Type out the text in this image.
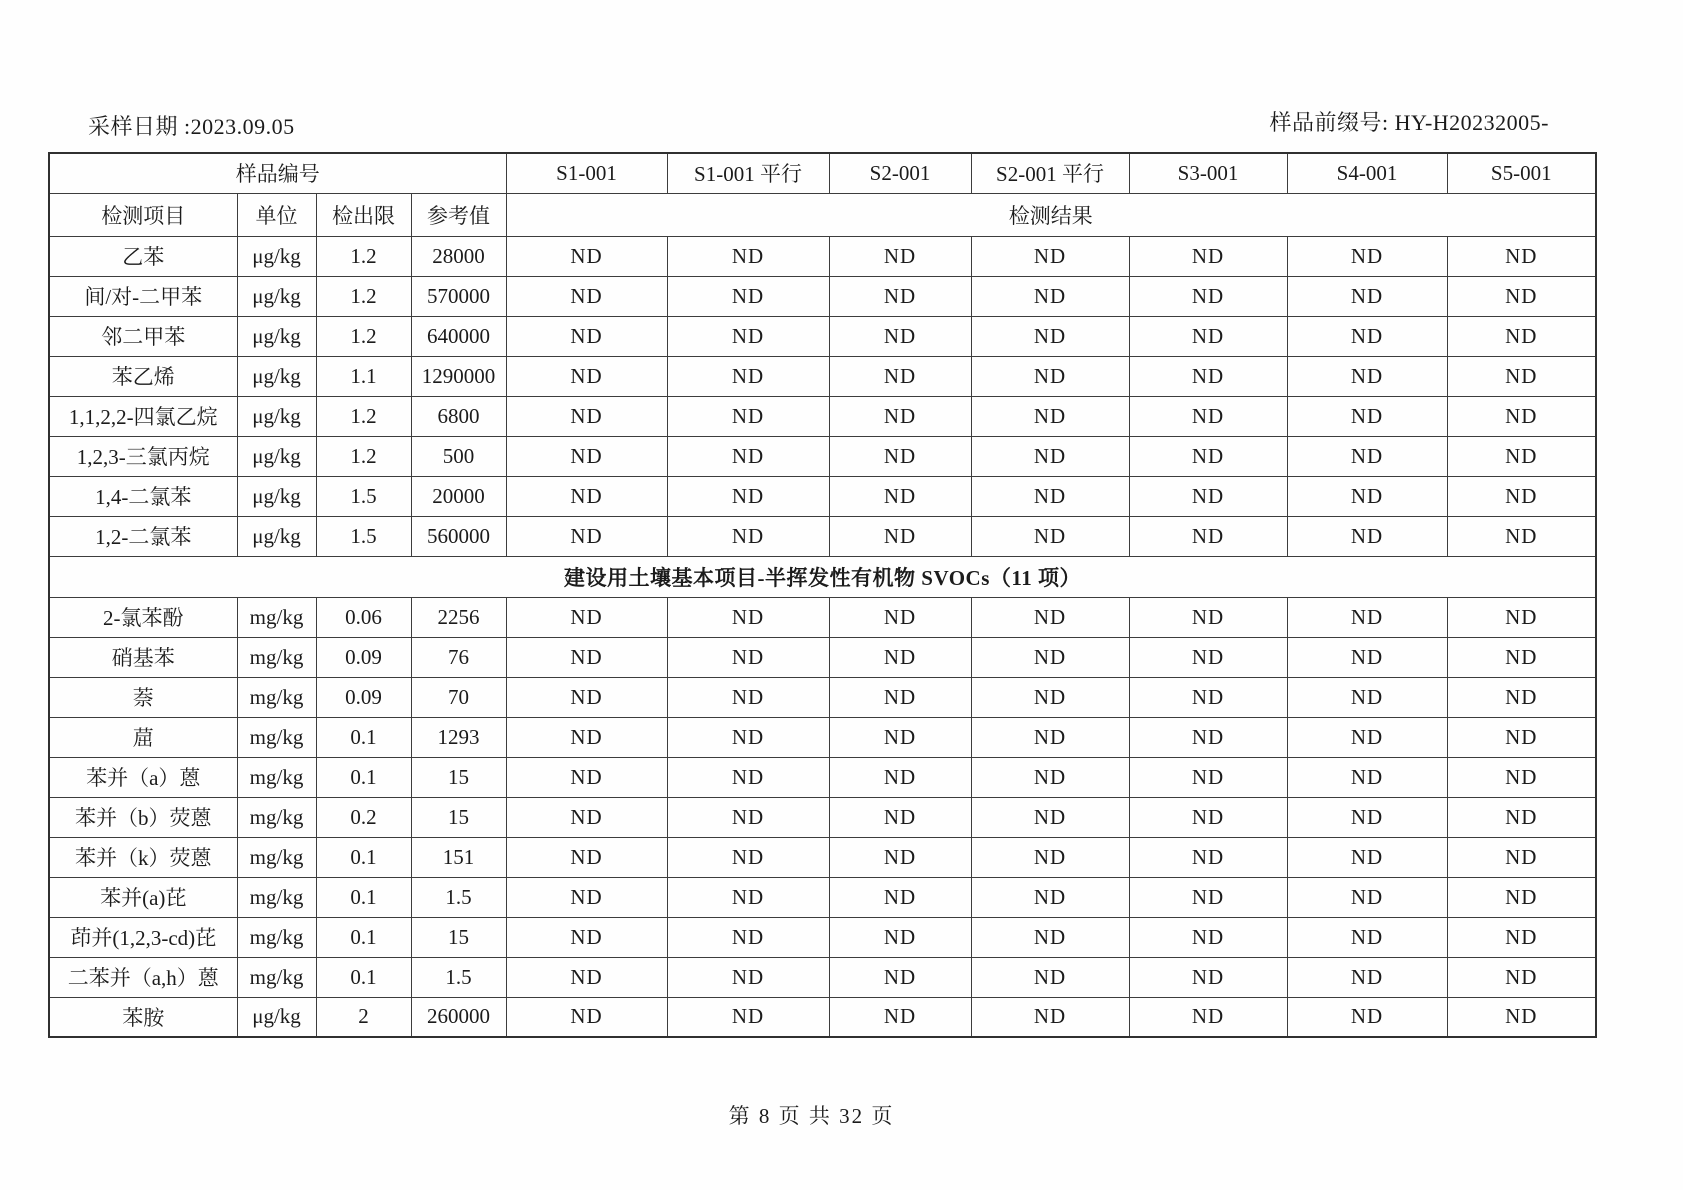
采样日期 :2023.09.05	样品前缀号: HY-H20232005-
样品编号				S1-001	S1-001 平行	S2-001	S2-001 平行	S3-001	S4-001	S5-001
检测项目	单位	检出限	参考值	检测结果						
乙苯	μg/kg	1.2	28000	ND	ND	ND	ND	ND	ND	ND
间/对-二甲苯	μg/kg	1.2	570000	ND	ND	ND	ND	ND	ND	ND
邻二甲苯	μg/kg	1.2	640000	ND	ND	ND	ND	ND	ND	ND
苯乙烯	μg/kg	1.1	1290000	ND	ND	ND	ND	ND	ND	ND
1,1,2,2-四氯乙烷	μg/kg	1.2	6800	ND	ND	ND	ND	ND	ND	ND
1,2,3-三氯丙烷	μg/kg	1.2	500	ND	ND	ND	ND	ND	ND	ND
1,4-二氯苯	μg/kg	1.5	20000	ND	ND	ND	ND	ND	ND	ND
1,2-二氯苯	μg/kg	1.5	560000	ND	ND	ND	ND	ND	ND	ND
建设用土壤基本项目-半挥发性有机物 SVOCs（11 项）										
2-氯苯酚	mg/kg	0.06	2256	ND	ND	ND	ND	ND	ND	ND
硝基苯	mg/kg	0.09	76	ND	ND	ND	ND	ND	ND	ND
萘	mg/kg	0.09	70	ND	ND	ND	ND	ND	ND	ND
䓛	mg/kg	0.1	1293	ND	ND	ND	ND	ND	ND	ND
苯并（a）蒽	mg/kg	0.1	15	ND	ND	ND	ND	ND	ND	ND
苯并（b）荧蒽	mg/kg	0.2	15	ND	ND	ND	ND	ND	ND	ND
苯并（k）荧蒽	mg/kg	0.1	151	ND	ND	ND	ND	ND	ND	ND
苯并(a)芘	mg/kg	0.1	1.5	ND	ND	ND	ND	ND	ND	ND
茚并(1,2,3-cd)芘	mg/kg	0.1	15	ND	ND	ND	ND	ND	ND	ND
二苯并（a,h）蒽	mg/kg	0.1	1.5	ND	ND	ND	ND	ND	ND	ND
苯胺	μg/kg	2	260000	ND	ND	ND	ND	ND	ND	ND
第 8 页 共 32 页
